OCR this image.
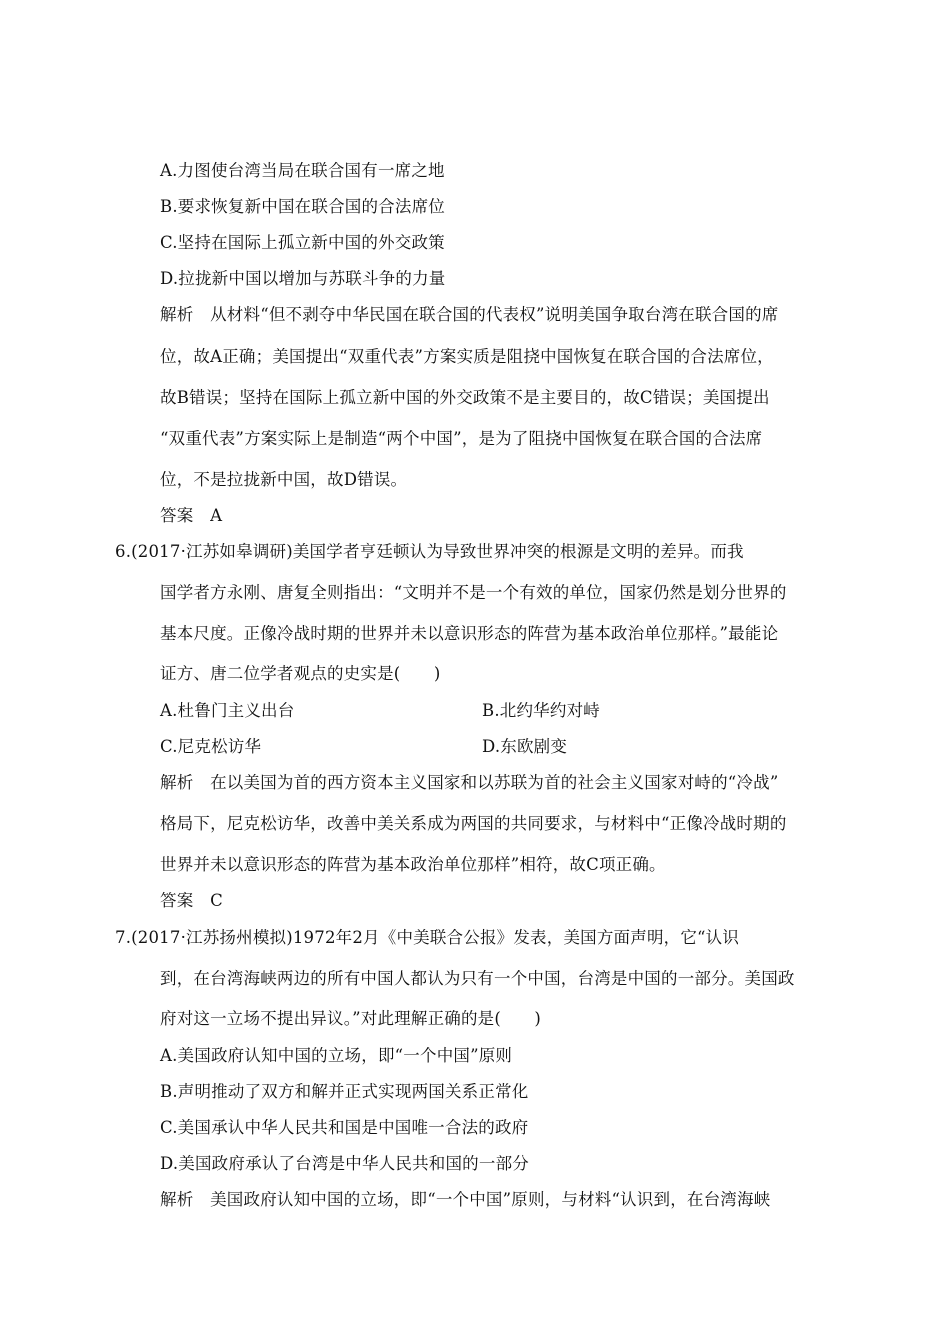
A.力图使台湾当局在联合国有一席之地
B.要求恢复新中国在联合国的合法席位
C.坚持在国际上孤立新中国的外交政策
D.拉拢新中国以增加与苏联斗争的力量
解析　从材料“但不剥夺中华民国在联合国的代表权”说明美国争取台湾在联合国的席
位，故A正确；美国提出“双重代表”方案实质是阻挠中国恢复在联合国的合法席位，
故B错误；坚持在国际上孤立新中国的外交政策不是主要目的，故C错误；美国提出
“双重代表”方案实际上是制造“两个中国”，是为了阻挠中国恢复在联合国的合法席
位，不是拉拢新中国，故D错误。
答案　A
6.(2017·江苏如皋调研)美国学者亨廷顿认为导致世界冲突的根源是文明的差异。而我
国学者方永刚、唐复全则指出：“文明并不是一个有效的单位，国家仍然是划分世界的
基本尺度。正像冷战时期的世界并未以意识形态的阵营为基本政治单位那样。”最能论
证方、唐二位学者观点的史实是(　　)
A.杜鲁门主义出台	B.北约华约对峙
C.尼克松访华	D.东欧剧变
解析　在以美国为首的西方资本主义国家和以苏联为首的社会主义国家对峙的“冷战”
格局下，尼克松访华，改善中美关系成为两国的共同要求，与材料中“正像冷战时期的
世界并未以意识形态的阵营为基本政治单位那样”相符，故C项正确。
答案　C
7.(2017·江苏扬州模拟)1972年2月《中美联合公报》发表，美国方面声明，它“认识
到，在台湾海峡两边的所有中国人都认为只有一个中国，台湾是中国的一部分。美国政
府对这一立场不提出异议。”对此理解正确的是(　　)
A.美国政府认知中国的立场，即“一个中国”原则
B.声明推动了双方和解并正式实现两国关系正常化
C.美国承认中华人民共和国是中国唯一合法的政府
D.美国政府承认了台湾是中华人民共和国的一部分
解析　美国政府认知中国的立场，即“一个中国”原则，与材料“认识到，在台湾海峡
